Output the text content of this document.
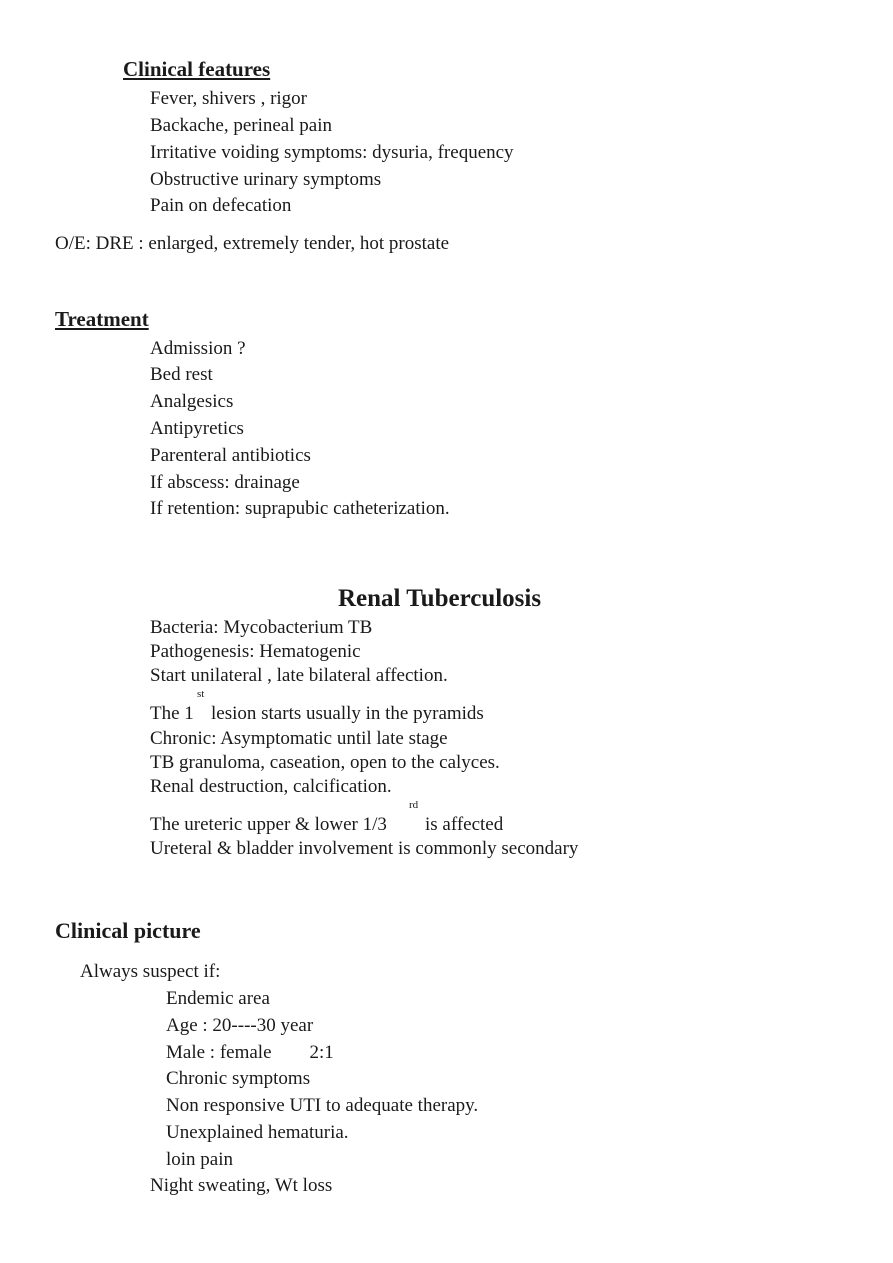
Clinical features
Fever, shivers , rigor
Backache, perineal pain
Irritative voiding symptoms: dysuria, frequency
Obstructive urinary symptoms
Pain on defecation
O/E: DRE : enlarged, extremely tender, hot prostate
Treatment
Admission ?
Bed rest
Analgesics
Antipyretics
Parenteral antibiotics
If abscess: drainage
If retention: suprapubic catheterization.
Renal Tuberculosis
Bacteria: Mycobacterium TB
Pathogenesis: Hematogenic
Start unilateral , late bilateral affection.
The 1
st
lesion starts usually in the pyramids
Chronic: Asymptomatic until late stage
TB granuloma, caseation, open to the calyces.
Renal destruction, calcification.
The ureteric upper & lower 1/3
rd
is affected
Ureteral & bladder involvement is commonly secondary
Clinical picture
Always suspect if:
Endemic area
Age : 20----30 year
Male : female        2:1
Chronic symptoms
Non responsive UTI to adequate therapy.
Unexplained hematuria.
loin pain
Night sweating, Wt loss
